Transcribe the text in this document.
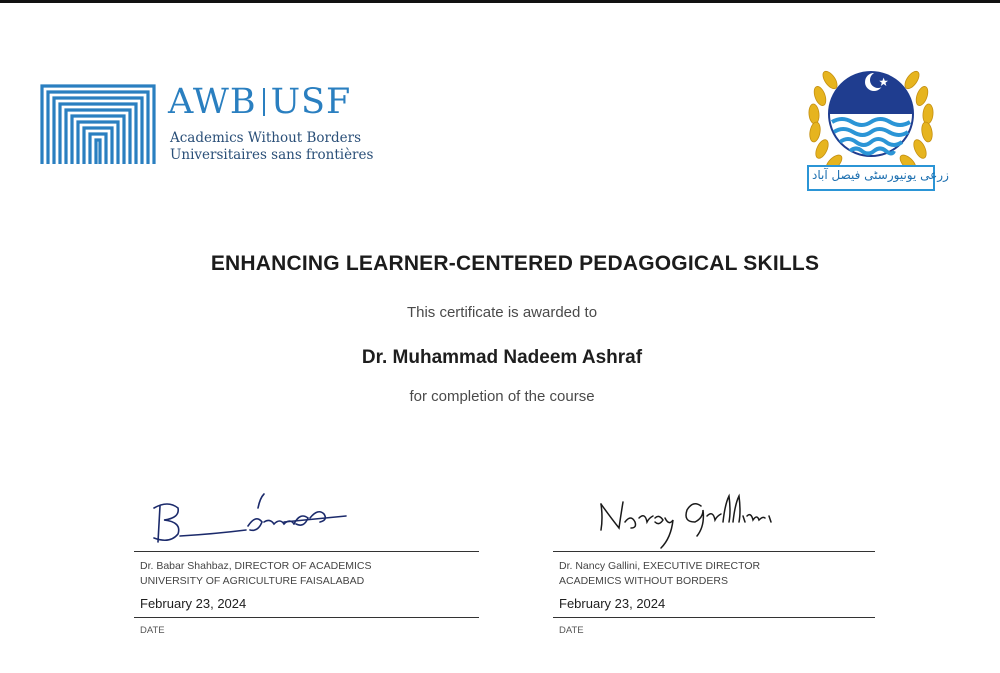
AWB USF
Academics Without Borders
Universitaires sans frontières
زرعی یونیورسٹی فیصل آباد
ENHANCING LEARNER-CENTERED PEDAGOGICAL SKILLS
This certificate is awarded to
Dr. Muhammad Nadeem Ashraf
for completion of the course
Dr. Babar Shahbaz, DIRECTOR OF ACADEMICS
UNIVERSITY OF AGRICULTURE FAISALABAD
February 23, 2024
DATE
Dr. Nancy Gallini, EXECUTIVE DIRECTOR
ACADEMICS WITHOUT BORDERS
February 23, 2024
DATE
